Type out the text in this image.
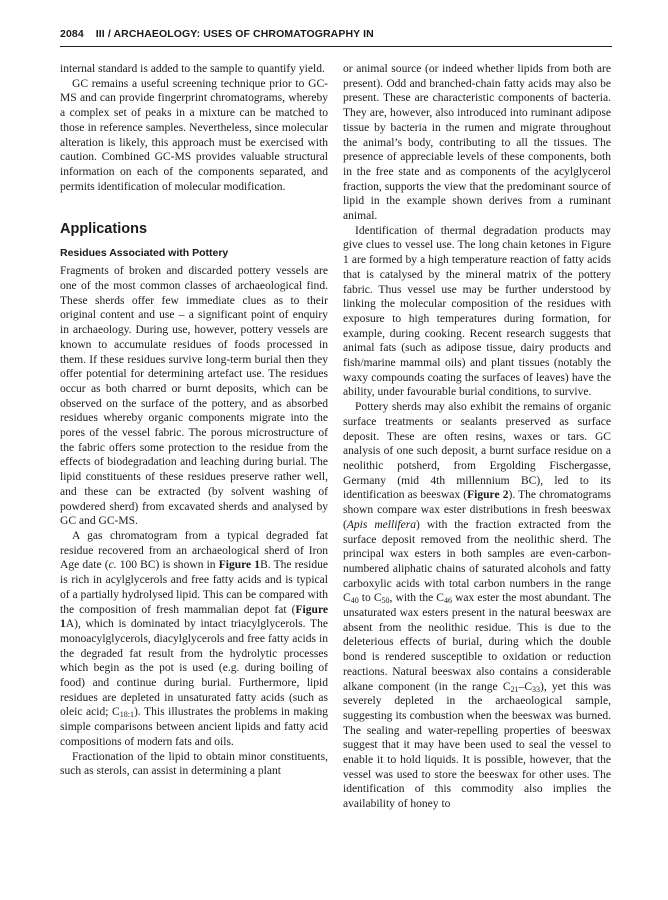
2084 III / ARCHAEOLOGY: USES OF CHROMATOGRAPHY IN

internal standard is added to the sample to quantify yield.

GC remains a useful screening technique prior to GC-MS and can provide fingerprint chromatograms, whereby a complex set of peaks in a mixture can be matched to those in reference samples. Nevertheless, since molecular alteration is likely, this approach must be exercised with caution. Combined GC-MS provides valuable structural information on each of the components separated, and permits identification of molecular modification.

Applications
Residues Associated with Pottery

Fragments of broken and discarded pottery vessels are one of the most common classes of archaeological find. These sherds offer few immediate clues as to their original content and use – a significant point of enquiry in archaeology. During use, however, pottery vessels are known to accumulate residues of foods processed in them. If these residues survive long-term burial then they offer potential for determining artefact use. The residues occur as both charred or burnt deposits, which can be observed on the surface of the pottery, and as absorbed residues whereby organic components migrate into the pores of the vessel fabric. The porous microstructure of the fabric offers some protection to the residue from the effects of biodegradation and leaching during burial. The lipid constituents of these residues preserve rather well, and these can be extracted (by solvent washing of powdered sherd) from excavated sherds and analysed by GC and GC-MS.

A gas chromatogram from a typical degraded fat residue recovered from an archaeological sherd of Iron Age date (c. 100 BC) is shown in Figure 1B. The residue is rich in acylglycerols and free fatty acids and is typical of a partially hydrolysed lipid. This can be compared with the composition of fresh mammalian depot fat (Figure 1A), which is dominated by intact triacylglycerols. The monoacylglycerols, diacylglycerols and free fatty acids in the degraded fat result from the hydrolytic processes which begin as the pot is used (e.g. during boiling of food) and continue during burial. Furthermore, lipid residues are depleted in unsaturated fatty acids (such as oleic acid; $C_{18:1}$). This illustrates the problems in making simple comparisons between ancient lipids and fatty acid compositions of modern fats and oils.

Fractionation of the lipid to obtain minor constituents, such as sterols, can assist in determining a plant

or animal source (or indeed whether lipids from both are present). Odd and branched-chain fatty acids may also be present. These are characteristic components of bacteria. They are, however, also introduced into ruminant adipose tissue by bacteria in the rumen and migrate throughout the animal’s body, contributing to all the tissues. The presence of appreciable levels of these components, both in the free state and as components of the acylglycerol fraction, supports the view that the predominant source of lipid in the example shown derives from a ruminant animal.

Identification of thermal degradation products may give clues to vessel use. The long chain ketones in Figure 1 are formed by a high temperature reaction of fatty acids that is catalysed by the mineral matrix of the pottery fabric. Thus vessel use may be further understood by linking the molecular composition of the residues with exposure to high temperatures during formation, for example, during cooking. Recent research suggests that animal fats (such as adipose tissue, dairy products and fish/marine mammal oils) and plant tissues (notably the waxy compounds coating the surfaces of leaves) have the ability, under favourable burial conditions, to survive.

Pottery sherds may also exhibit the remains of organic surface treatments or sealants preserved as surface deposit. These are often resins, waxes or tars. GC analysis of one such deposit, a burnt surface residue on a neolithic potsherd, from Ergolding Fischergasse, Germany (mid 4th millennium BC), led to its identification as beeswax (Figure 2). The chromatograms shown compare wax ester distributions in fresh beeswax (Apis mellifera) with the fraction extracted from the surface deposit removed from the neolithic sherd. The principal wax esters in both samples are even-carbon-numbered aliphatic chains of saturated alcohols and fatty carboxylic acids with total carbon numbers in the range $C_{40}$ to $C_{50}$, with the $C_{46}$ wax ester the most abundant. The unsaturated wax esters present in the natural beeswax are absent from the neolithic residue. This is due to the deleterious effects of burial, during which the double bond is rendered susceptible to oxidation or reduction reactions. Natural beeswax also contains a considerable alkane component (in the range $C_{21}-C_{33}$), yet this was severely depleted in the archaeological sample, suggesting its combustion when the beeswax was burned. The sealing and water-repelling properties of beeswax suggest that it may have been used to seal the vessel to enable it to hold liquids. It is possible, however, that the vessel was used to store the beeswax for other uses. The identification of this commodity also implies the availability of honey to
